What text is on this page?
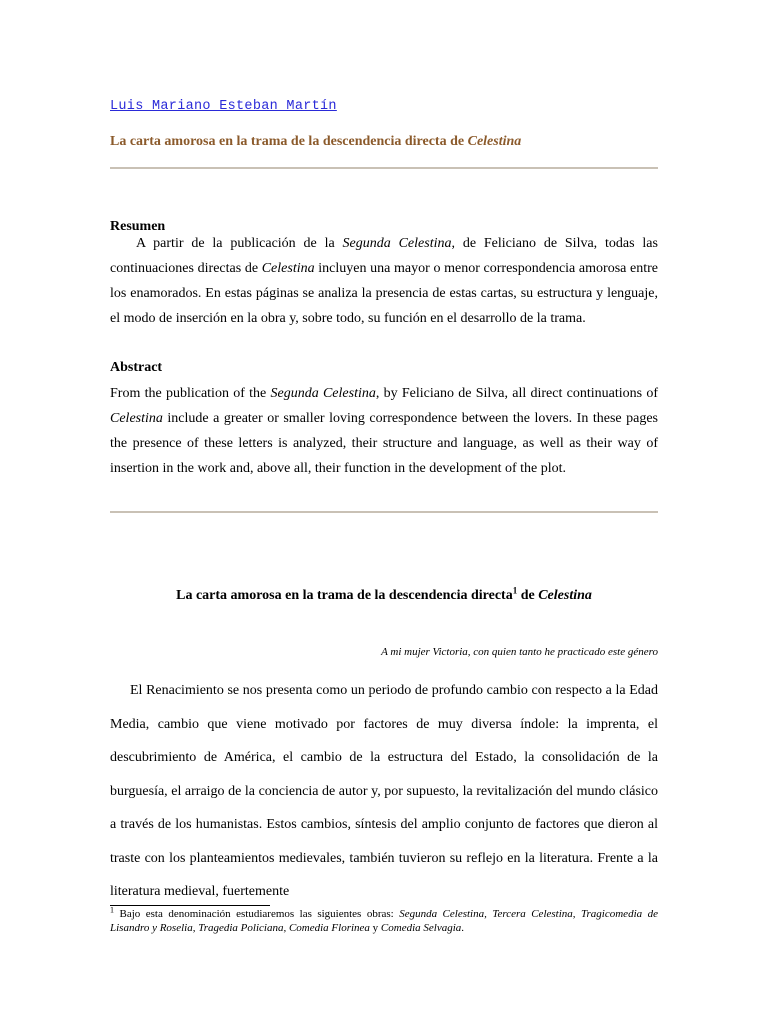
Luis Mariano Esteban Martín
La carta amorosa en la trama de la descendencia directa de Celestina
Resumen
A partir de la publicación de la Segunda Celestina, de Feliciano de Silva, todas las continuaciones directas de Celestina incluyen una mayor o menor correspondencia amorosa entre los enamorados. En estas páginas se analiza la presencia de estas cartas, su estructura y lenguaje, el modo de inserción en la obra y, sobre todo, su función en el desarrollo de la trama.
Abstract
From the publication of the Segunda Celestina, by Feliciano de Silva, all direct continuations of Celestina include a greater or smaller loving correspondence between the lovers. In these pages the presence of these letters is analyzed, their structure and language, as well as their way of insertion in the work and, above all, their function in the development of the plot.
La carta amorosa en la trama de la descendencia directa$^1$ de Celestina
A mi mujer Victoria, con quien tanto he practicado este género
El Renacimiento se nos presenta como un periodo de profundo cambio con respecto a la Edad Media, cambio que viene motivado por factores de muy diversa índole: la imprenta, el descubrimiento de América, el cambio de la estructura del Estado, la consolidación de la burguesía, el arraigo de la conciencia de autor y, por supuesto, la revitalización del mundo clásico a través de los humanistas. Estos cambios, síntesis del amplio conjunto de factores que dieron al traste con los planteamientos medievales, también tuvieron su reflejo en la literatura. Frente a la literatura medieval, fuertemente
$^1$ Bajo esta denominación estudiaremos las siguientes obras: Segunda Celestina, Tercera Celestina, Tragicomedia de Lisandro y Roselia, Tragedia Policiana, Comedia Florinea y Comedia Selvagia.
